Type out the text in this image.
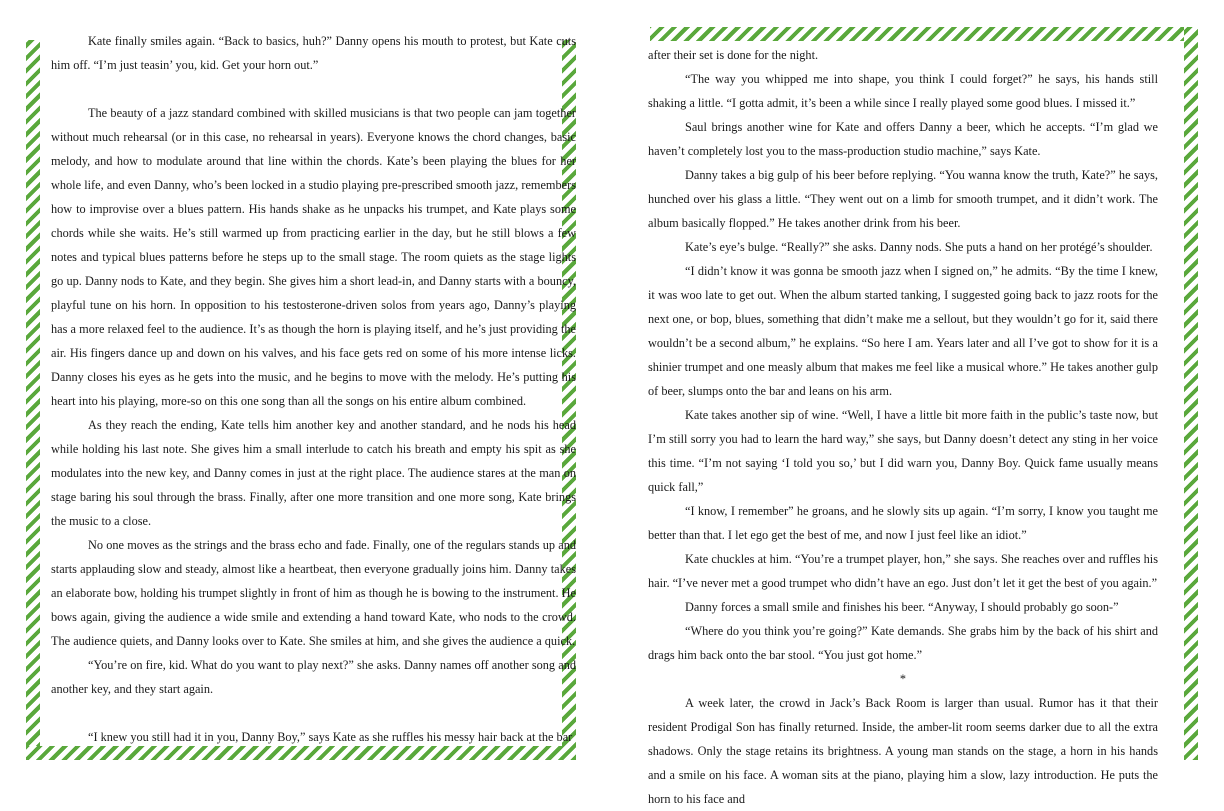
Kate finally smiles again. “Back to basics, huh?” Danny opens his mouth to protest, but Kate cuts him off. “I’m just teasin’ you, kid. Get your horn out.”

The beauty of a jazz standard combined with skilled musicians is that two people can jam together without much rehearsal (or in this case, no rehearsal in years). Everyone knows the chord changes, basic melody, and how to modulate around that line within the chords. Kate’s been playing the blues for her whole life, and even Danny, who’s been locked in a studio playing pre-prescribed smooth jazz, remembers how to improvise over a blues pattern. His hands shake as he unpacks his trumpet, and Kate plays some chords while she waits. He’s still warmed up from practicing earlier in the day, but he still blows a few notes and typical blues patterns before he steps up to the small stage. The room quiets as the stage lights go up. Danny nods to Kate, and they begin. She gives him a short lead-in, and Danny starts with a bouncy, playful tune on his horn. In opposition to his testosterone-driven solos from years ago, Danny’s playing has a more relaxed feel to the audience. It’s as though the horn is playing itself, and he’s just providing the air. His fingers dance up and down on his valves, and his face gets red on some of his more intense licks. Danny closes his eyes as he gets into the music, and he begins to move with the melody. He’s putting his heart into his playing, more-so on this one song than all the songs on his entire album combined.

As they reach the ending, Kate tells him another key and another standard, and he nods his head while holding his last note. She gives him a small interlude to catch his breath and empty his spit as she modulates into the new key, and Danny comes in just at the right place. The audience stares at the man on stage baring his soul through the brass. Finally, after one more transition and one more song, Kate brings the music to a close.

No one moves as the strings and the brass echo and fade. Finally, one of the regulars stands up and starts applauding slow and steady, almost like a heartbeat, then everyone gradually joins him. Danny takes an elaborate bow, holding his trumpet slightly in front of him as though he is bowing to the instrument. He bows again, giving the audience a wide smile and extending a hand toward Kate, who nods to the crowd. The audience quiets, and Danny looks over to Kate. She smiles at him, and she gives the audience a quick.

“You’re on fire, kid. What do you want to play next?” she asks. Danny names off another song and another key, and they start again.

“I knew you still had it in you, Danny Boy,” says Kate as she ruffles his messy hair back at the bar

after their set is done for the night.

“The way you whipped me into shape, you think I could forget?” he says, his hands still shaking a little. “I gotta admit, it’s been a while since I really played some good blues. I missed it.”

Saul brings another wine for Kate and offers Danny a beer, which he accepts. “I’m glad we haven’t completely lost you to the mass-production studio machine,” says Kate.

Danny takes a big gulp of his beer before replying. “You wanna know the truth, Kate?” he says, hunched over his glass a little. “They went out on a limb for smooth trumpet, and it didn’t work. The album basically flopped.” He takes another drink from his beer.

Kate’s eye’s bulge. “Really?” she asks. Danny nods. She puts a hand on her protégé’s shoulder.

“I didn’t know it was gonna be smooth jazz when I signed on,” he admits. “By the time I knew, it was woo late to get out. When the album started tanking, I suggested going back to jazz roots for the next one, or bop, blues, something that didn’t make me a sellout, but they wouldn’t go for it, said there wouldn’t be a second album,” he explains. “So here I am. Years later and all I’ve got to show for it is a shinier trumpet and one measly album that makes me feel like a musical whore.” He takes another gulp of beer, slumps onto the bar and leans on his arm.

Kate takes another sip of wine. “Well, I have a little bit more faith in the public’s taste now, but I’m still sorry you had to learn the hard way,” she says, but Danny doesn’t detect any sting in her voice this time. “I’m not saying ‘I told you so,’ but I did warn you, Danny Boy. Quick fame usually means quick fall,”

“I know, I remember” he groans, and he slowly sits up again. “I’m sorry, I know you taught me better than that. I let ego get the best of me, and now I just feel like an idiot.”

Kate chuckles at him. “You’re a trumpet player, hon,” she says. She reaches over and ruffles his hair. “I’ve never met a good trumpet who didn’t have an ego. Just don’t let it get the best of you again.”

Danny forces a small smile and finishes his beer. “Anyway, I should probably go soon-”

“Where do you think you’re going?” Kate demands. She grabs him by the back of his shirt and drags him back onto the bar stool. “You just got home.”

*

A week later, the crowd in Jack’s Back Room is larger than usual. Rumor has it that their resident Prodigal Son has finally returned. Inside, the amber-lit room seems darker due to all the extra shadows. Only the stage retains its brightness. A young man stands on the stage, a horn in his hands and a smile on his face. A woman sits at the piano, playing him a slow, lazy introduction. He puts the horn to his face and
